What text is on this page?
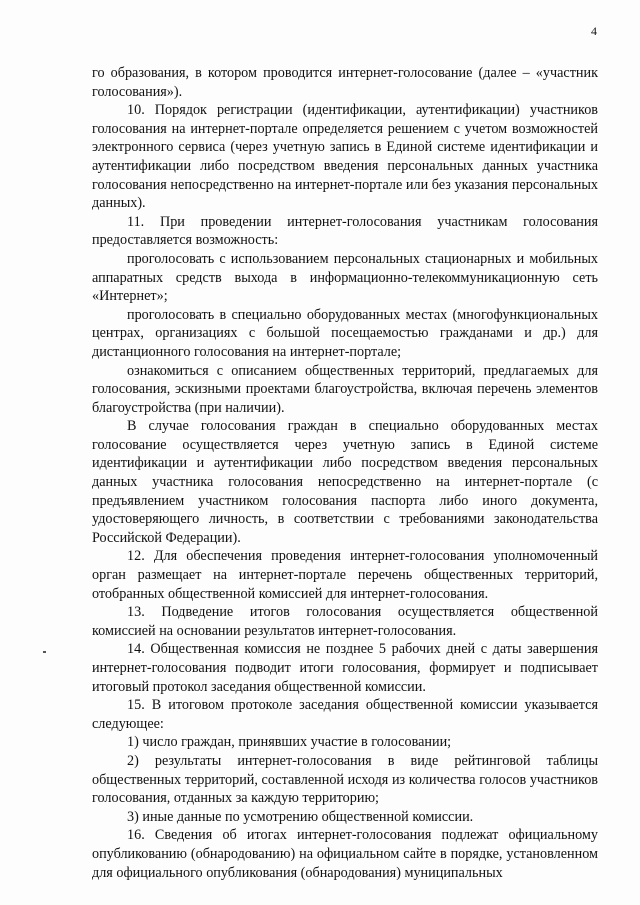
4

го образования, в котором проводится интернет-голосование (далее – «участник голосования»).

10. Порядок регистрации (идентификации, аутентификации) участников голосования на интернет-портале определяется решением с учетом возможностей электронного сервиса (через учетную запись в Единой системе идентификации и аутентификации либо посредством введения персональных данных участника голосования непосредственно на интернет-портале или без указания персональных данных).

11. При проведении интернет-голосования участникам голосования предоставляется возможность:

проголосовать с использованием персональных стационарных и мобильных аппаратных средств выхода в информационно-телекоммуникационную сеть «Интернет»;

проголосовать в специально оборудованных местах (многофункциональных центрах, организациях с большой посещаемостью гражданами и др.) для дистанционного голосования на интернет-портале;

ознакомиться с описанием общественных территорий, предлагаемых для голосования, эскизными проектами благоустройства, включая перечень элементов благоустройства (при наличии).

В случае голосования граждан в специально оборудованных местах голосование осуществляется через учетную запись в Единой системе идентификации и аутентификации либо посредством введения персональных данных участника голосования непосредственно на интернет-портале (с предъявлением участником голосования паспорта либо иного документа, удостоверяющего личность, в соответствии с требованиями законодательства Российской Федерации).

12. Для обеспечения проведения интернет-голосования уполномоченный орган размещает на интернет-портале перечень общественных территорий, отобранных общественной комиссией для интернет-голосования.

13. Подведение итогов голосования осуществляется общественной комиссией на основании результатов интернет-голосования.

14. Общественная комиссия не позднее 5 рабочих дней с даты завершения интернет-голосования подводит итоги голосования, формирует и подписывает итоговый протокол заседания общественной комиссии.

15. В итоговом протоколе заседания общественной комиссии указывается следующее:

1) число граждан, принявших участие в голосовании;

2) результаты интернет-голосования в виде рейтинговой таблицы общественных территорий, составленной исходя из количества голосов участников голосования, отданных за каждую территорию;

3) иные данные по усмотрению общественной комиссии.

16. Сведения об итогах интернет-голосования подлежат официальному опубликованию (обнародованию) на официальном сайте в порядке, установленном для официального опубликования (обнародования) муниципальных
